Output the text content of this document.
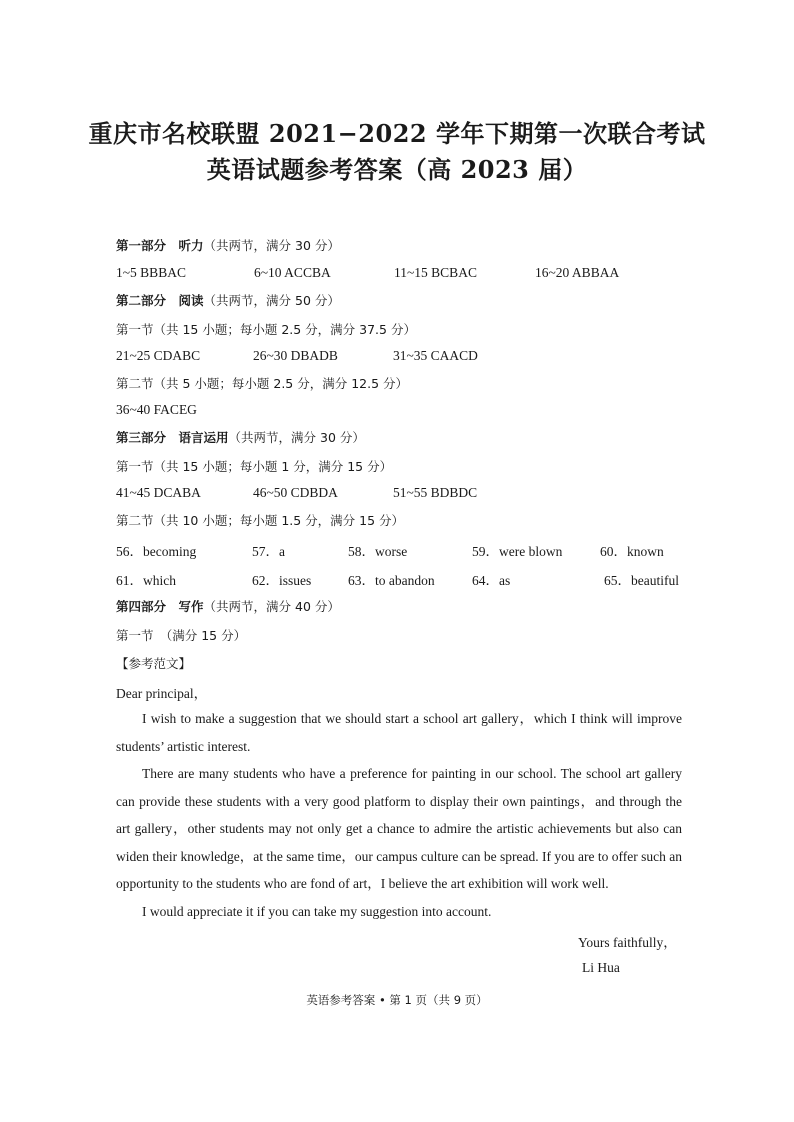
重庆市名校联盟 2021−2022 学年下期第一次联合考试
英语试题参考答案（高 2023 届）
第一部分　听力（共两节，满分 30 分）
1~5 BBBAC	6~10 ACCBA	11~15 BCBAC	16~20 ABBAA
第二部分　阅读（共两节，满分 50 分）
第一节（共 15 小题；每小题 2.5 分，满分 37.5 分）
21~25 CDABC	26~30 DBADB	31~35 CAACD
第二节（共 5 小题；每小题 2.5 分，满分 12.5 分）
36~40 FACEG
第三部分　语言运用（共两节，满分 30 分）
第一节（共 15 小题；每小题 1 分，满分 15 分）
41~45 DCABA	46~50 CDBDA	51~55 BDBDC
第二节（共 10 小题；每小题 1.5 分，满分 15 分）
56．becoming	57．a	58．worse	59．were blown	60．known
61．which	62．issues	63．to abandon	64．as	65．beautiful
第四部分　写作（共两节，满分 40 分）
第一节　（满分 15 分）
【参考范文】
Dear principal，
I wish to make a suggestion that we should start a school art gallery，which I think will improve students’ artistic interest.
There are many students who have a preference for painting in our school. The school art gallery can provide these students with a very good platform to display their own paintings，and through the art gallery，other students may not only get a chance to admire the artistic achievements but also can widen their knowledge，at the same time，our campus culture can be spread. If you are to offer such an opportunity to the students who are fond of art，I believe the art exhibition will work well.
I would appreciate it if you can take my suggestion into account.
Yours faithfully，
Li Hua
英语参考答案 • 第 1 页（共 9 页）
